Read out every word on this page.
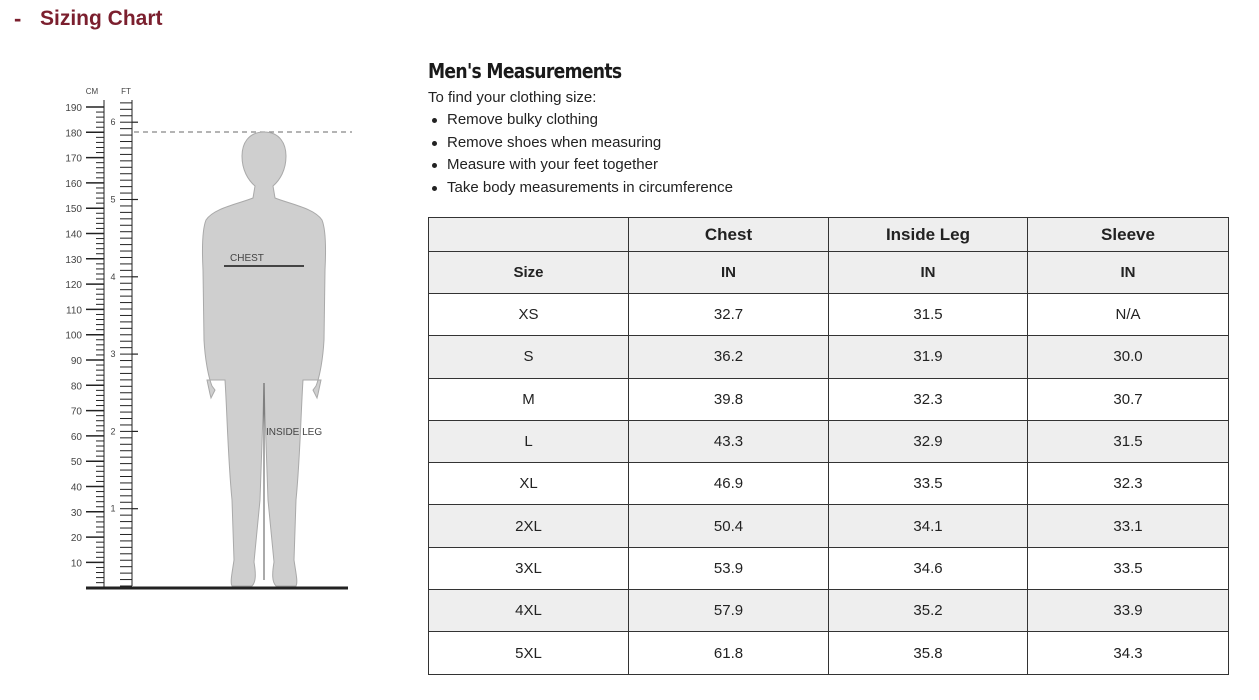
- Sizing Chart
CM	FT
190
180
170
160
150
140
130
120
110
100
90
80
70
60
50
40
30
20
10
6
5
4
3
2
1
CHEST
INSIDE LEG
Men's Measurements
To find your clothing size:
Remove bulky clothing
Remove shoes when measuring
Measure with your feet together
Take body measurements in circumference
	Chest	Inside Leg	Sleeve
Size	IN	IN	IN
XS	32.7	31.5	N/A
S	36.2	31.9	30.0
M	39.8	32.3	30.7
L	43.3	32.9	31.5
XL	46.9	33.5	32.3
2XL	50.4	34.1	33.1
3XL	53.9	34.6	33.5
4XL	57.9	35.2	33.9
5XL	61.8	35.8	34.3
